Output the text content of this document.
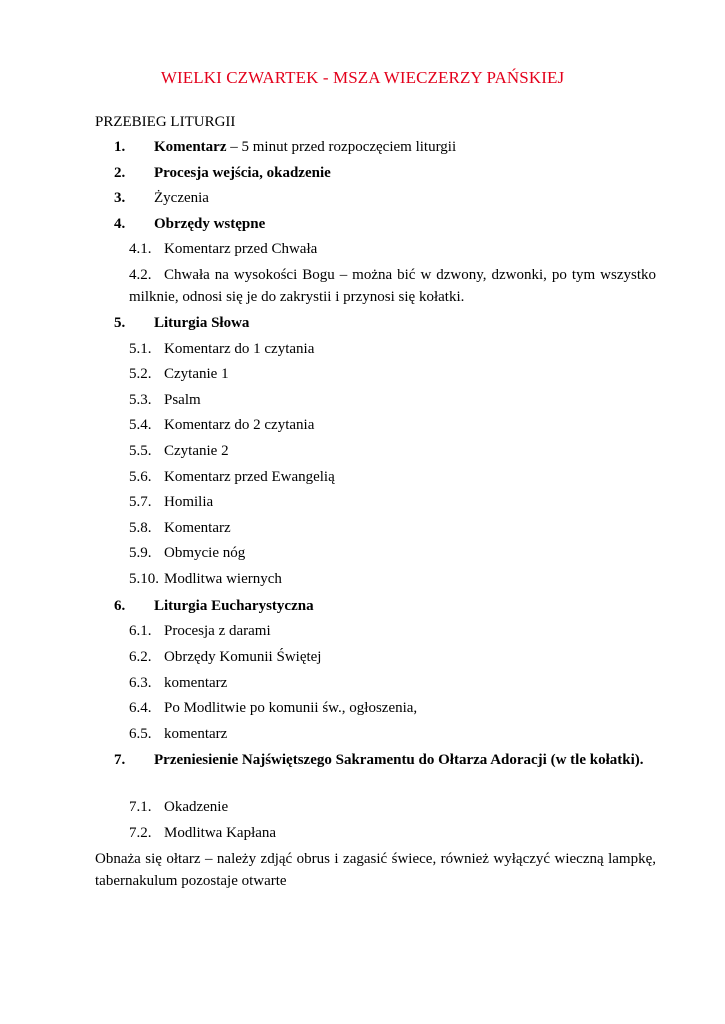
WIELKI CZWARTEK - MSZA WIECZERZY PAŃSKIEJ
PRZEBIEG LITURGII
1. Komentarz – 5 minut przed rozpoczęciem liturgii
2. Procesja wejścia, okadzenie
3. Życzenia
4. Obrzędy wstępne
4.1. Komentarz przed Chwała
4.2. Chwała na wysokości Bogu – można bić w dzwony, dzwonki, po tym wszystko milknie, odnosi się je do zakrystii i przynosi się kołatki.

5. Liturgia Słowa
5.1. Komentarz do 1 czytania
5.2. Czytanie 1
5.3. Psalm
5.4. Komentarz do 2 czytania
5.5. Czytanie 2
5.6. Komentarz przed Ewangelią
5.7. Homilia
5.8. Komentarz
5.9. Obmycie nóg
5.10. Modlitwa wiernych
6. Liturgia Eucharystyczna
6.1. Procesja z darami
6.2. Obrzędy Komunii Świętej
6.3. komentarz
6.4. Po Modlitwie po komunii św., ogłoszenia,
6.5. komentarz
7.	Przeniesienie Najświętszego Sakramentu do Ołtarza Adoracji (w tle kołatki).

7.1. Okadzenie
7.2. Modlitwa Kapłana

Obnaża się ołtarz – należy zdjąć obrus i zagasić świece, również wyłączyć wieczną lampkę, tabernakulum pozostaje otwarte
